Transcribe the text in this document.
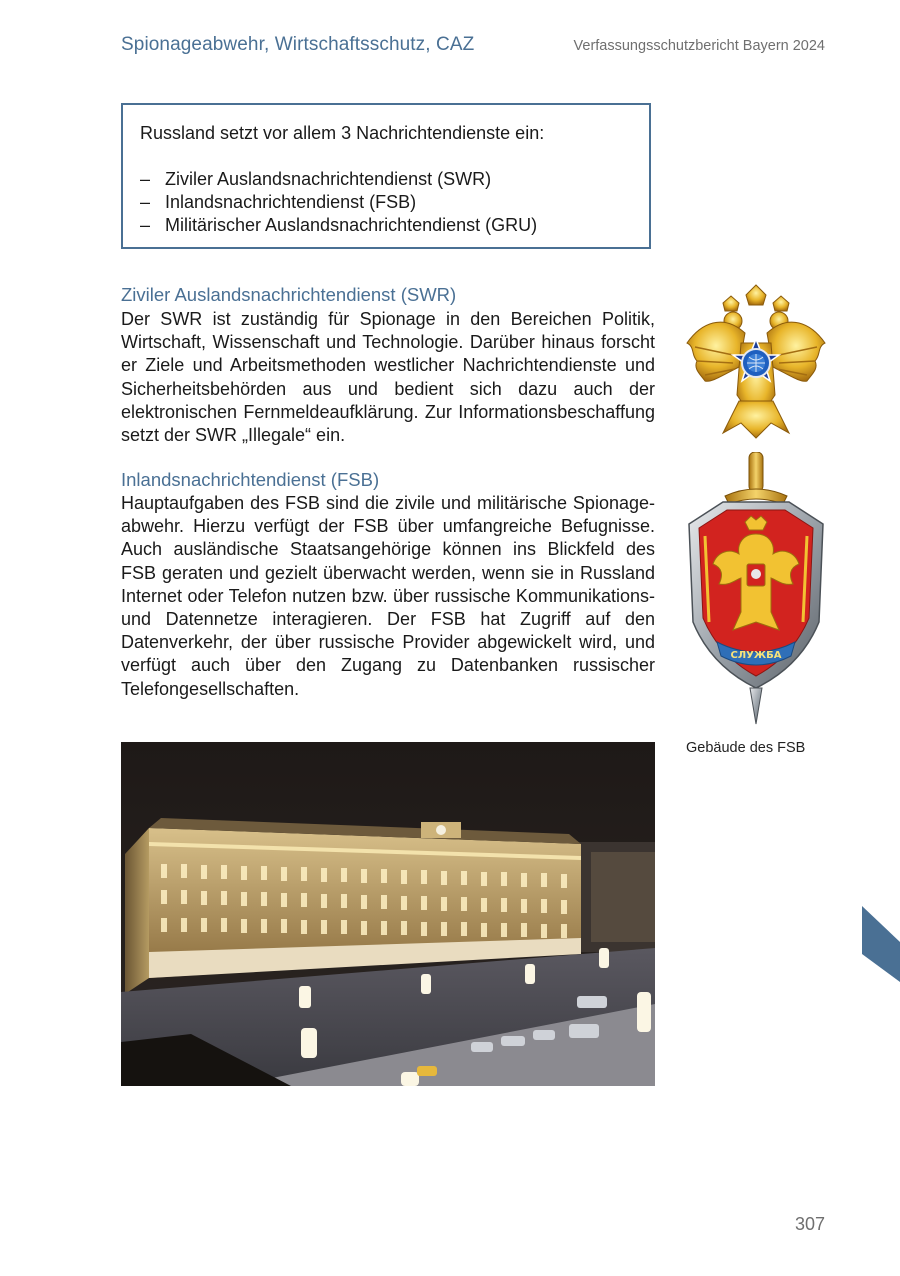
Spionageabwehr, Wirtschaftsschutz, CAZ	Verfassungsschutzbericht Bayern 2024

Russland setzt vor allem 3 Nachrichtendienste ein:

– Ziviler Auslandsnachrichtendienst (SWR)
– Inlandsnachrichtendienst (FSB)
– Militärischer Auslandsnachrichtendienst (GRU)
Ziviler Auslandsnachrichtendienst (SWR)
Der SWR ist zuständig für Spionage in den Bereichen Politik, Wirtschaft, Wissenschaft und Technologie. Darüber hinaus forscht er Ziele und Arbeitsmethoden westlicher Nachrichtendienste und Sicherheitsbehörden aus und bedient sich dazu auch der elektronischen Fernmeldeaufklärung. Zur Informationsbeschaffung setzt der SWR „Illegale“ ein.
Inlandsnachrichtendienst (FSB)
Hauptaufgaben des FSB sind die zivile und militärische Spionageabwehr. Hierzu verfügt der FSB über umfangreiche Befugnisse. Auch ausländische Staatsangehörige können ins Blickfeld des FSB geraten und gezielt überwacht werden, wenn sie in Russland Internet oder Telefon nutzen bzw. über russische Kommunikations- und Datennetze interagieren. Der FSB hat Zugriff auf den Datenverkehr, der über russische Provider abgewickelt wird, und verfügt auch über den Zugang zu Datenbanken russischer Telefongesellschaften.
СЛУЖБА
Gebäude des FSB
307
